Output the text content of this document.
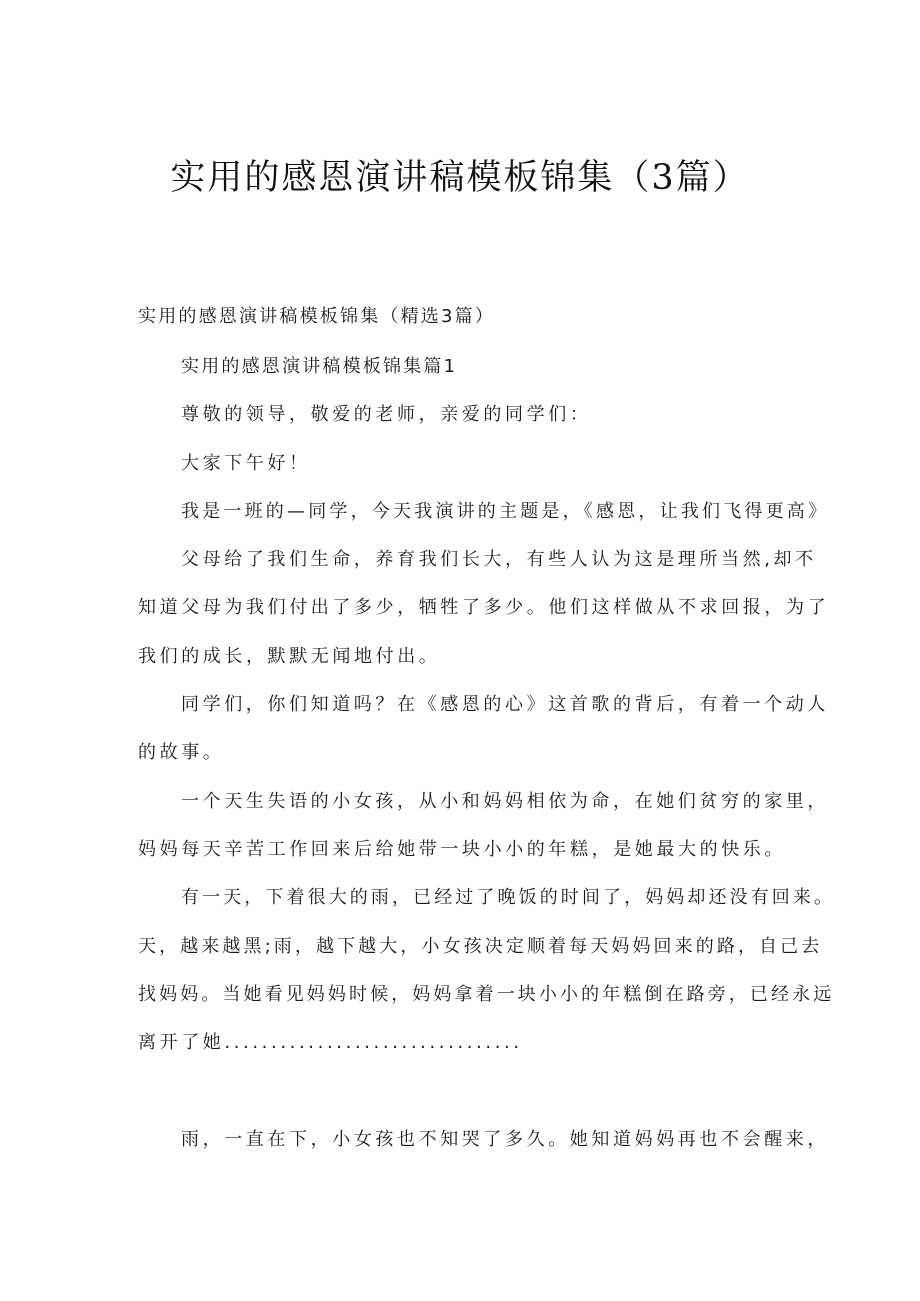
实用的感恩演讲稿模板锦集（3篇）
实用的感恩演讲稿模板锦集（精选3篇）
实用的感恩演讲稿模板锦集篇1
尊敬的领导，敬爱的老师，亲爱的同学们：
大家下午好！
我是一班的—同学，今天我演讲的主题是，《感恩，让我们飞得更高》
父母给了我们生命，养育我们长大，有些人认为这是理所当然,却不
知道父母为我们付出了多少，牺牲了多少。他们这样做从不求回报，为了
我们的成长，默默无闻地付出。
同学们，你们知道吗？在《感恩的心》这首歌的背后，有着一个动人
的故事。
一个天生失语的小女孩，从小和妈妈相依为命，在她们贫穷的家里，
妈妈每天辛苦工作回来后给她带一块小小的年糕，是她最大的快乐。
有一天，下着很大的雨，已经过了晚饭的时间了，妈妈却还没有回来。
天，越来越黑;雨，越下越大，小女孩决定顺着每天妈妈回来的路，自己去
找妈妈。当她看见妈妈时候，妈妈拿着一块小小的年糕倒在路旁，已经永远
离开了她................................
雨，一直在下，小女孩也不知哭了多久。她知道妈妈再也不会醒来，
